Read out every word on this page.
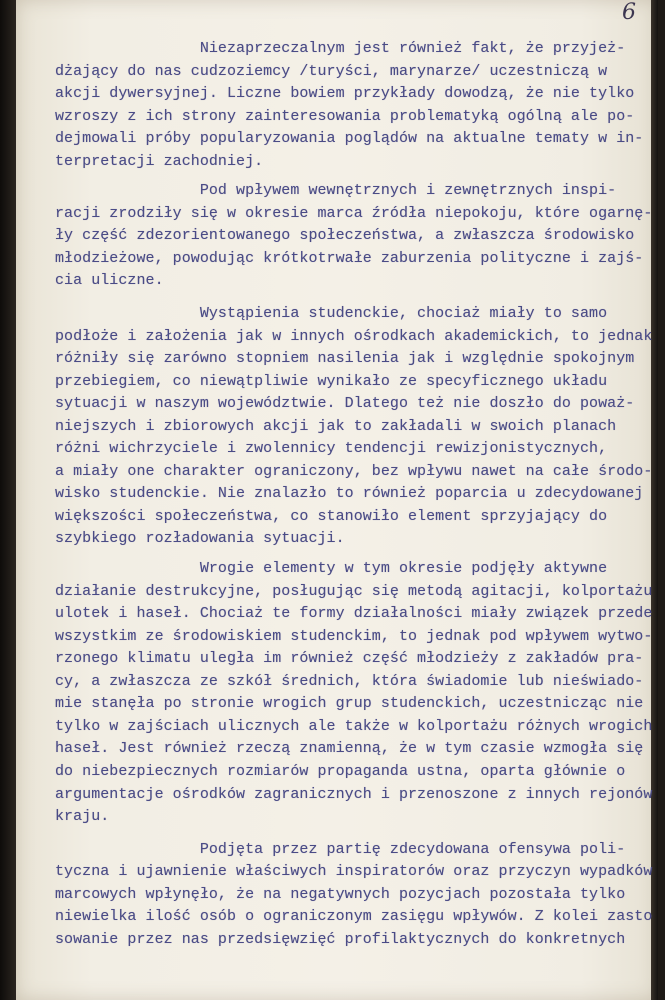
6
Niezaprzeczalnym jest również fakt, że przyjeż-
dżający do nas cudzoziemcy /turyści, marynarze/ uczestniczą w
akcji dywersyjnej. Liczne bowiem przykłady dowodzą, że nie tylko
wzroszy z ich strony zainteresowania problematyką ogólną ale po-
dejmowali próby popularyzowania poglądów na aktualne tematy w in-
terpretacji zachodniej.
Pod wpływem wewnętrznych i zewnętrznych inspi-
racji zrodziły się w okresie marca źródła niepokoju, które ogarnę-
ły część zdezorientowanego społeczeństwa, a zwłaszcza środowisko
młodzieżowe, powodując krótkotrwałe zaburzenia polityczne i zajś-
cia uliczne.
Wystąpienia studenckie, chociaż miały to samo
podłoże i założenia jak w innych ośrodkach akademickich, to jednak
różniły się zarówno stopniem nasilenia jak i względnie spokojnym
przebiegiem, co niewątpliwie wynikało ze specyficznego układu
sytuacji w naszym województwie. Dlatego też nie doszło do poważ-
niejszych i zbiorowych akcji jak to zakładali w swoich planach
różni wichrzyciele i zwolennicy tendencji rewizjonistycznych,
a miały one charakter ograniczony, bez wpływu nawet na całe środo-
wisko studenckie. Nie znalazło to również poparcia u zdecydowanej
większości społeczeństwa, co stanowiło element sprzyjający do
szybkiego rozładowania sytuacji.
Wrogie elementy w tym okresie podjęły aktywne
działanie destrukcyjne, posługując się metodą agitacji, kolportażu
ulotek i haseł. Chociaż te formy działalności miały związek przede
wszystkim ze środowiskiem studenckim, to jednak pod wpływem wytwo-
rzonego klimatu uległa im również część młodzieży z zakładów pra-
cy, a zwłaszcza ze szkół średnich, która świadomie lub nieświado-
mie stanęła po stronie wrogich grup studenckich, uczestnicząc nie
tylko w zajściach ulicznych ale także w kolportażu różnych wrogich
haseł. Jest również rzeczą znamienną, że w tym czasie wzmogła się
do niebezpiecznych rozmiarów propaganda ustna, oparta głównie o
argumentacje ośrodków zagranicznych i przenoszone z innych rejonów
kraju.
Podjęta przez partię zdecydowana ofensywa poli-
tyczna i ujawnienie właściwych inspiratorów oraz przyczyn wypadków
marcowych wpłynęło, że na negatywnych pozycjach pozostała tylko
niewielka ilość osób o ograniczonym zasięgu wpływów. Z kolei zasto
sowanie przez nas przedsięwzięć profilaktycznych do konkretnych
